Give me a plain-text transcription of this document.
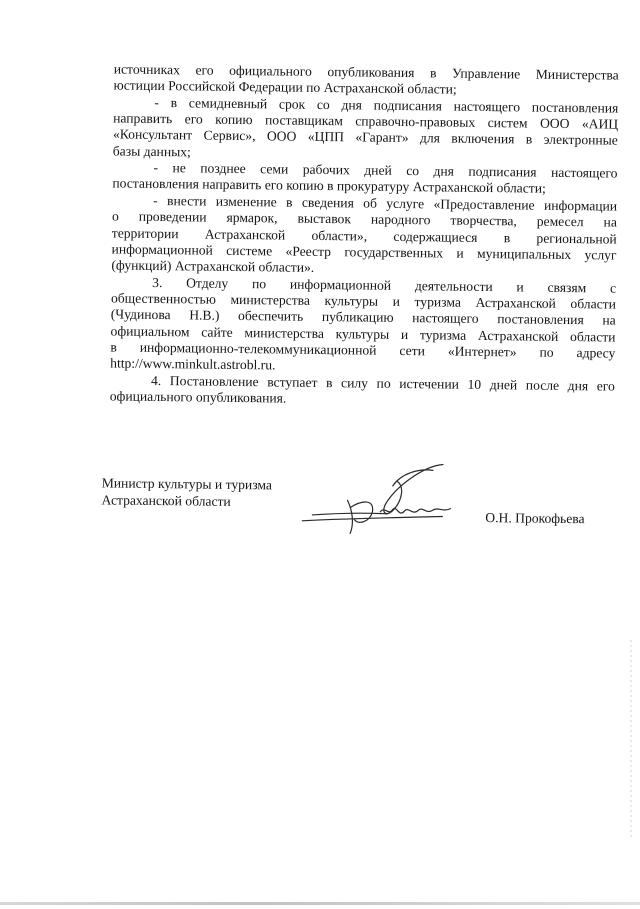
источниках его официального опубликования в Управление Министерства
юстиции Российской Федерации по Астраханской области;
- в семидневный срок со дня подписания настоящего постановления
направить его копию поставщикам справочно-правовых систем ООО «АИЦ
«Консультант Сервис», ООО «ЦПП «Гарант» для включения в электронные
базы данных;
- не позднее семи рабочих дней со дня подписания настоящего
постановления направить его копию в прокуратуру Астраханской области;
- внести изменение в сведения об услуге «Предоставление информации
о проведении ярмарок, выставок народного творчества, ремесел на
территории Астраханской области», содержащиеся в региональной
информационной системе «Реестр государственных и муниципальных услуг
(функций) Астраханской области».
3. Отделу по информационной деятельности и связям с
общественностью министерства культуры и туризма Астраханской области
(Чудинова Н.В.) обеспечить публикацию настоящего постановления на
официальном сайте министерства культуры и туризма Астраханской области
в информационно-телекоммуникационной сети «Интернет» по адресу
http://www.minkult.astrobl.ru.
4. Постановление вступает в силу по истечении 10 дней после дня его
официального опубликования.
Министр культуры и туризма
Астраханской области
О.Н. Прокофьева
